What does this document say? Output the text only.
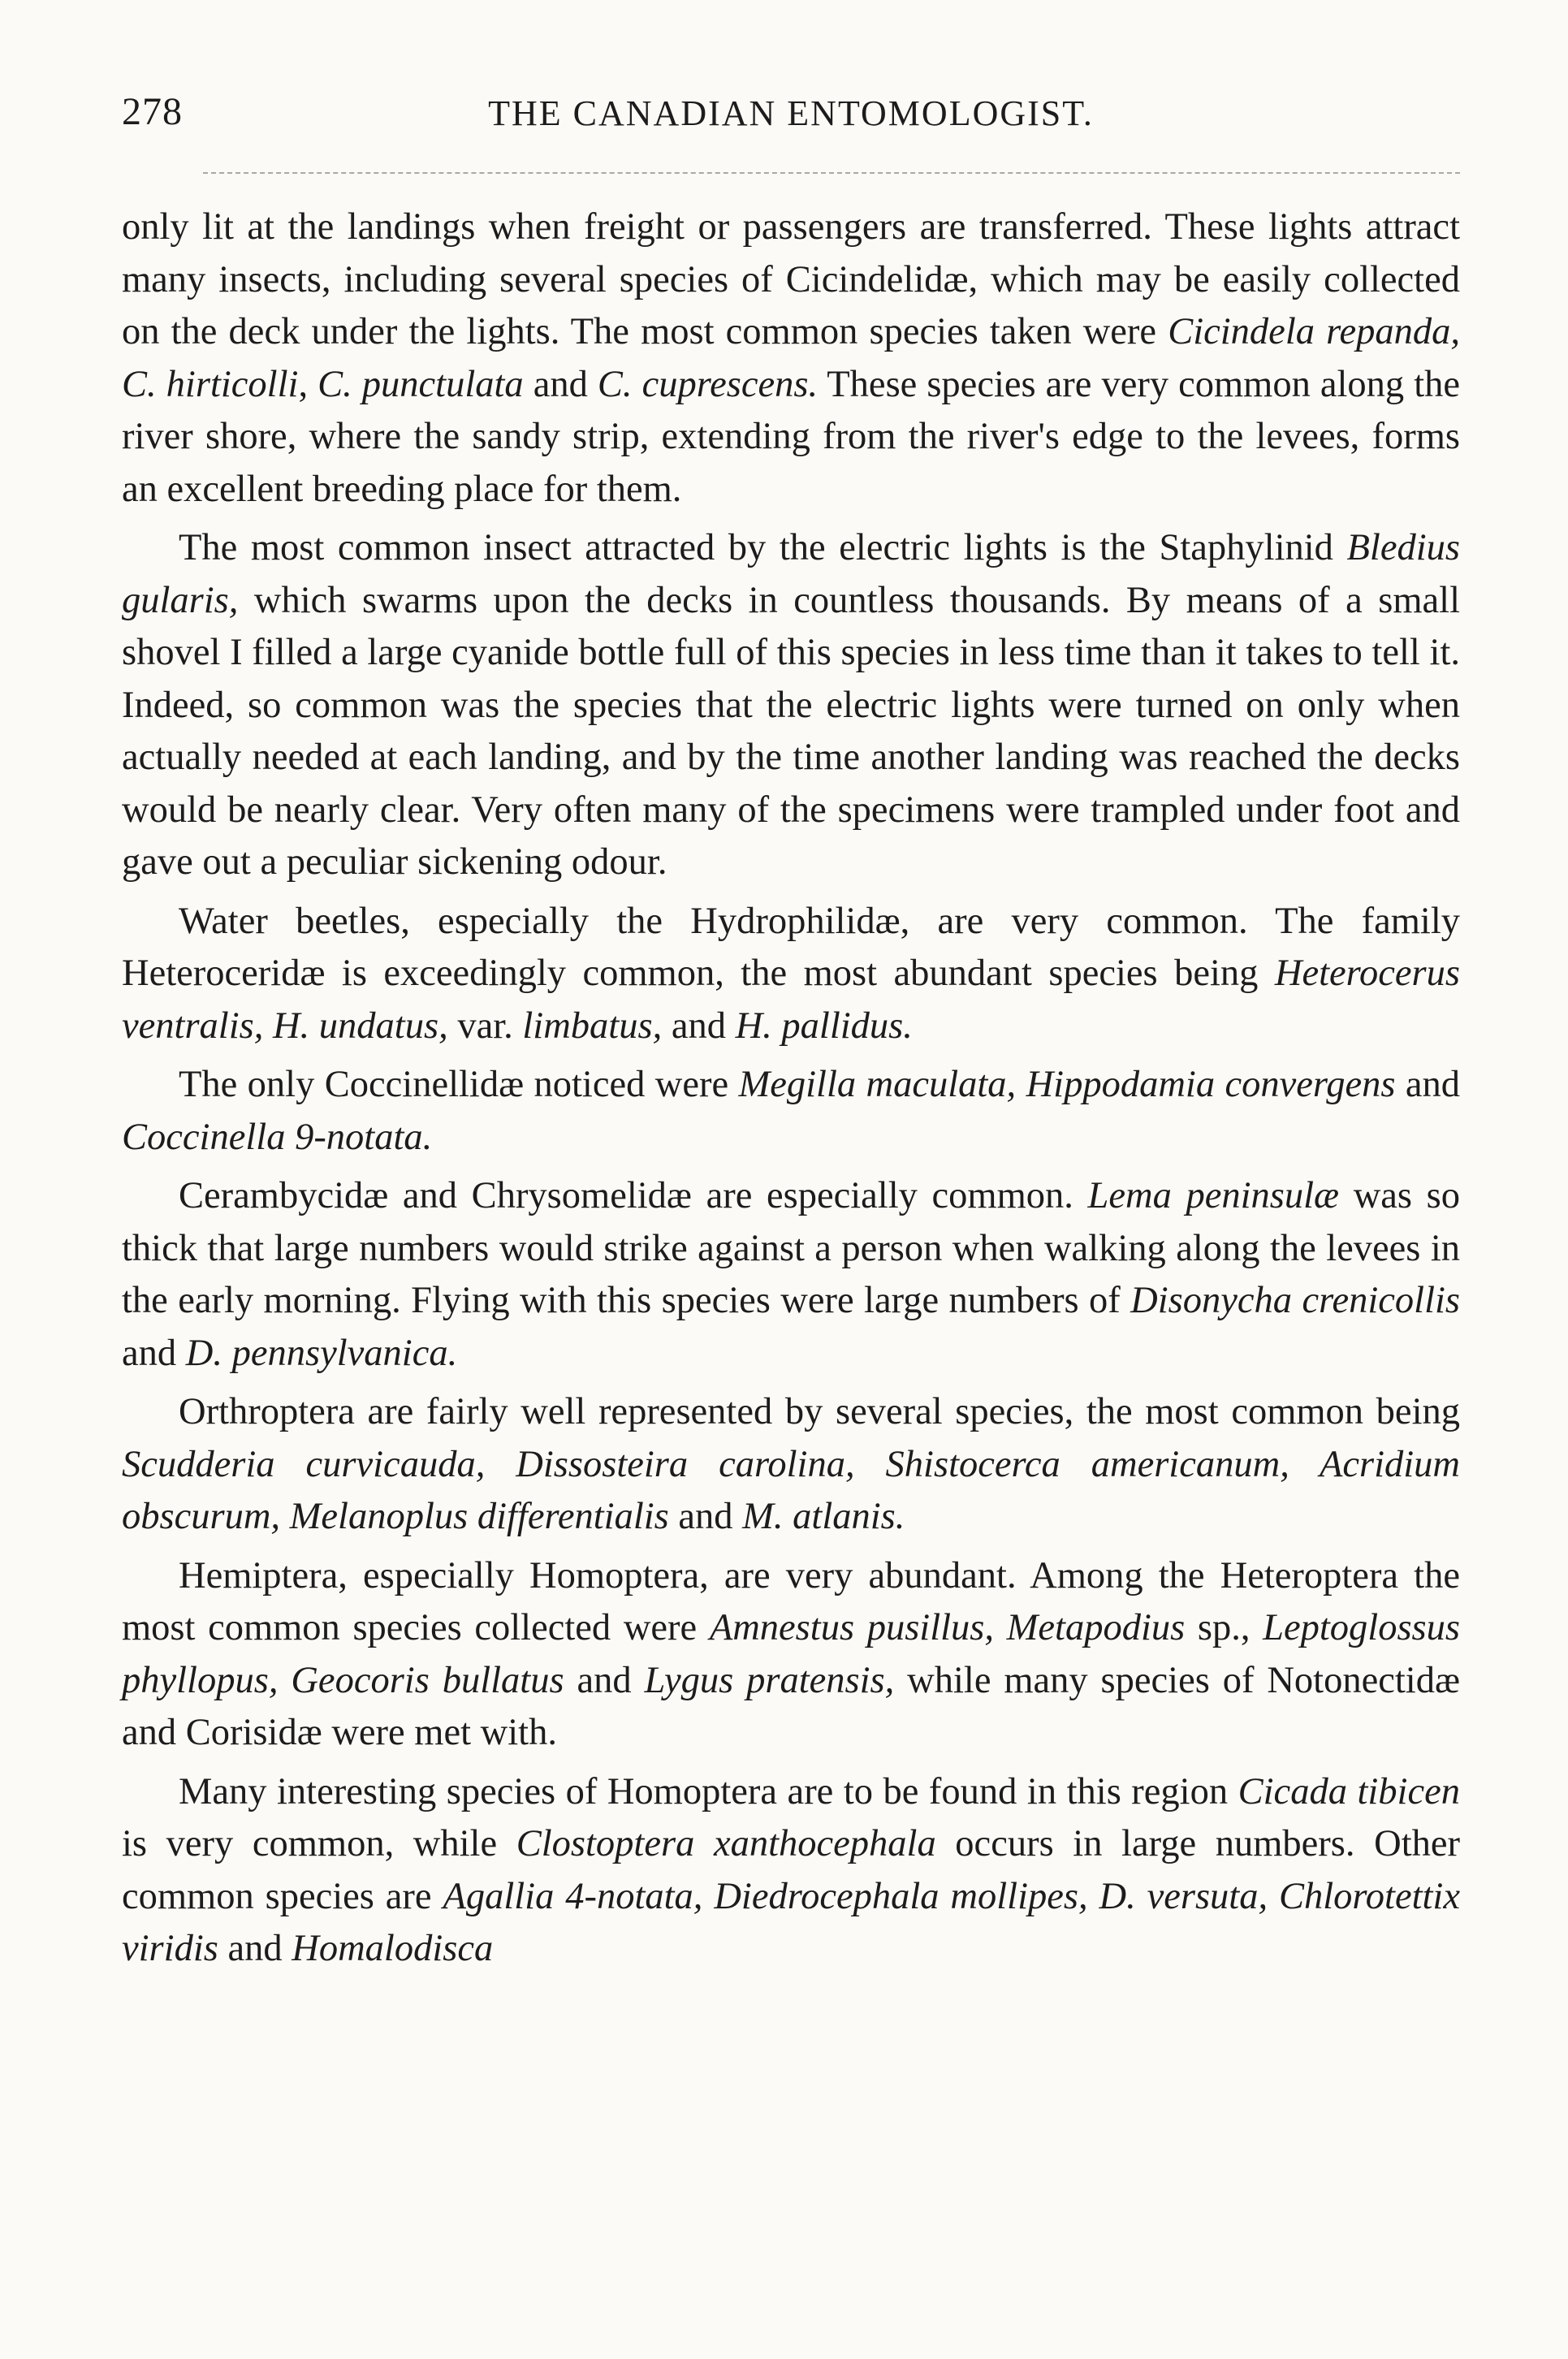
278	THE CANADIAN ENTOMOLOGIST.

only lit at the landings when freight or passengers are transferred. These lights attract many insects, including several species of Cicindelidæ, which may be easily collected on the deck under the lights. The most common species taken were Cicindela repanda, C. hirticolli, C. punctulata and C. cuprescens. These species are very common along the river shore, where the sandy strip, extending from the river's edge to the levees, forms an excellent breeding place for them.

The most common insect attracted by the electric lights is the Staphylinid Bledius gularis, which swarms upon the decks in countless thousands. By means of a small shovel I filled a large cyanide bottle full of this species in less time than it takes to tell it. Indeed, so common was the species that the electric lights were turned on only when actually needed at each landing, and by the time another landing was reached the decks would be nearly clear. Very often many of the specimens were trampled under foot and gave out a peculiar sickening odour.

Water beetles, especially the Hydrophilidæ, are very common. The family Heteroceridæ is exceedingly common, the most abundant species being Heterocerus ventralis, H. undatus, var. limbatus, and H. pallidus.

The only Coccinellidæ noticed were Megilla maculata, Hippodamia convergens and Coccinella 9-notata.

Cerambycidæ and Chrysomelidæ are especially common. Lema peninsulæ was so thick that large numbers would strike against a person when walking along the levees in the early morning. Flying with this species were large numbers of Disonycha crenicollis and D. pennsylvanica.

Orthroptera are fairly well represented by several species, the most common being Scudderia curvicauda, Dissosteira carolina, Shistocerca americanum, Acridium obscurum, Melanoplus differentialis and M. atlanis.

Hemiptera, especially Homoptera, are very abundant. Among the Heteroptera the most common species collected were Amnestus pusillus, Metapodius sp., Leptoglossus phyllopus, Geocoris bullatus and Lygus pratensis, while many species of Notonectidæ and Corisidæ were met with.

Many interesting species of Homoptera are to be found in this region Cicada tibicen is very common, while Clostoptera xanthocephala occurs in large numbers. Other common species are Agallia 4-notata, Diedrocephala mollipes, D. versuta, Chlorotettix viridis and Homalodisca
